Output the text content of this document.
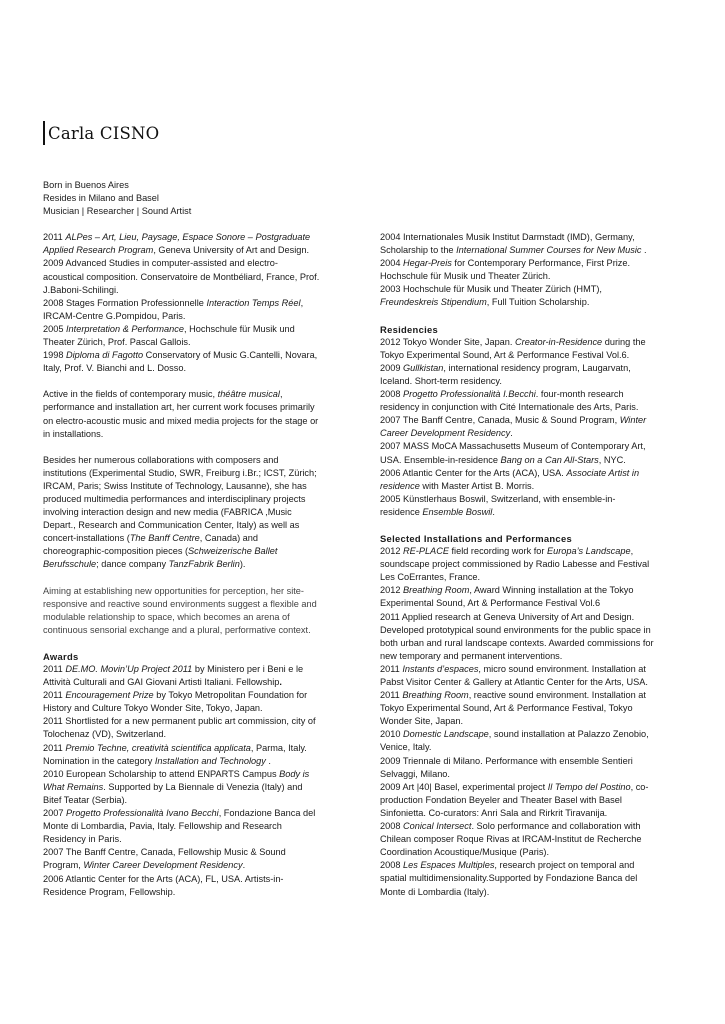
Carla CISNO
Born in Buenos Aires
Resides in Milano and Basel
Musician | Researcher | Sound Artist
2011 ALPes – Art, Lieu, Paysage, Espace Sonore – Postgraduate
Applied Research Program, Geneva University of Art and Design.
2009 Advanced Studies in computer-assisted and electro-
acoustical composition. Conservatoire de Montbéliard, France, Prof.
J.Baboni-Schilingi.
2008 Stages Formation Professionnelle Interaction Temps Réel,
IRCAM-Centre G.Pompidou, Paris.
2005 Interpretation & Performance, Hochschule für Musik und
Theater Zürich, Prof. Pascal Gallois.
1998 Diploma di Fagotto Conservatory of Music G.Cantelli, Novara,
Italy, Prof. V. Bianchi and L. Dosso.
Active in the fields of contemporary music, théâtre musical,
performance and installation art, her current work focuses primarily
on electro-acoustic music and mixed media projects for the stage or
in installations.
Besides her numerous collaborations with composers and
institutions (Experimental Studio, SWR, Freiburg i.Br.; ICST, Zürich;
IRCAM, Paris; Swiss Institute of Technology, Lausanne), she has
produced multimedia performances and interdisciplinary projects
involving interaction design and new media (FABRICA ,Music
Depart., Research and Communication Center, Italy) as well as
concert-installations (The Banff Centre, Canada) and
choreographic-composition pieces (Schweizerische Ballet
Berufsschule; dance company TanzFabrik Berlin).
Aiming at establishing new opportunities for perception, her site-
responsive and reactive sound environments suggest a flexible and
modulable relationship to space, which becomes an arena of
continuous sensorial exchange and a plural, performative context.
Awards
2011 DE.MO. Movin’Up Project 2011 by Ministero per i Beni e le
Attività Culturali and GAI Giovani Artisti Italiani. Fellowship.
2011 Encouragement Prize by Tokyo Metropolitan Foundation for
History and Culture Tokyo Wonder Site, Tokyo, Japan.
2011 Shortlisted for a new permanent public art commission, city of
Tolochenaz (VD), Switzerland.
2011 Premio Techne, creatività scientifica applicata, Parma, Italy.
Nomination in the category Installation and Technology .
2010 European Scholarship to attend ENPARTS Campus Body is
What Remains. Supported by La Biennale di Venezia (Italy) and
Bitef Teatar (Serbia).
2007 Progetto Professionalità Ivano Becchi, Fondazione Banca del
Monte di Lombardia, Pavia, Italy. Fellowship and Research
Residency in Paris.
2007 The Banff Centre, Canada, Fellowship Music & Sound
Program, Winter Career Development Residency.
2006 Atlantic Center for the Arts (ACA), FL, USA. Artists-in-
Residence Program, Fellowship.
2004 Internationales Musik Institut Darmstadt (IMD), Germany,
Scholarship to the International Summer Courses for New Music .
2004 Hegar-Preis for Contemporary Performance, First Prize.
Hochschule für Musik und Theater Zürich.
2003 Hochschule für Musik und Theater Zürich (HMT),
Freundeskreis Stipendium, Full Tuition Scholarship.
Residencies
2012 Tokyo Wonder Site, Japan. Creator-in-Residence during the
Tokyo Experimental Sound, Art & Performance Festival Vol.6.
2009 Gullkistan, international residency program, Laugarvatn,
Iceland. Short-term residency.
2008 Progetto Professionalità I.Becchi. four-month research
residency in conjunction with Cité Internationale des Arts, Paris.
2007 The Banff Centre, Canada, Music & Sound Program, Winter
Career Development Residency.
2007 MASS MoCA Massachusetts Museum of Contemporary Art,
USA. Ensemble-in-residence Bang on a Can All-Stars, NYC.
2006 Atlantic Center for the Arts (ACA), USA. Associate Artist in
residence with Master Artist B. Morris.
2005 Künstlerhaus Boswil, Switzerland, with ensemble-in-
residence Ensemble Boswil.
Selected Installations and Performances
2012 RE-PLACE field recording work for Europa’s Landscape,
soundscape project commissioned by Radio Labesse and Festival
Les CoErrantes, France.
2012 Breathing Room, Award Winning installation at the Tokyo
Experimental Sound, Art & Performance Festival Vol.6
2011 Applied research at Geneva University of Art and Design.
Developed prototypical sound environments for the public space in
both urban and rural landscape contexts. Awarded commissions for
new temporary and permanent interventions.
2011 Instants d’espaces, micro sound environment. Installation at
Pabst Visitor Center & Gallery at Atlantic Center for the Arts, USA.
2011 Breathing Room, reactive sound environment. Installation at
Tokyo Experimental Sound, Art & Performance Festival, Tokyo
Wonder Site, Japan.
2010 Domestic Landscape, sound installation at Palazzo Zenobio,
Venice, Italy.
2009 Triennale di Milano. Performance with ensemble Sentieri
Selvaggi, Milano.
2009 Art |40| Basel, experimental project Il Tempo del Postino, co-
production Fondation Beyeler and Theater Basel with Basel
Sinfonietta. Co-curators: Anri Sala and Rirkrit Tiravanija.
2008 Conical Intersect. Solo performance and collaboration with
Chilean composer Roque Rivas at IRCAM-Institut de Recherche
Coordination Acoustique/Musique (Paris).
2008 Les Espaces Multiples, research project on temporal and
spatial multidimensionality.Supported by Fondazione Banca del
Monte di Lombardia (Italy).
